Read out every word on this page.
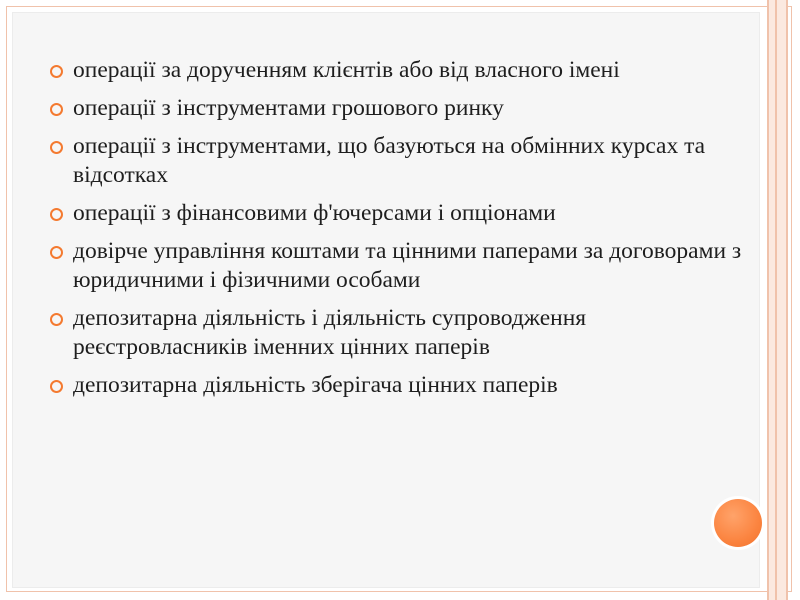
операції за дорученням клієнтів або від власного імені
операції з інструментами грошового ринку
операції з інструментами, що базуються на обмінних курсах та відсотках
операції з фінансовими ф'ючерсами і опціонами
довірче управління коштами та цінними паперами за договорами з юридичними і фізичними особами
депозитарна діяльність і діяльність супроводження реєстровласників іменних цінних паперів
депозитарна діяльність зберігача цінних паперів
